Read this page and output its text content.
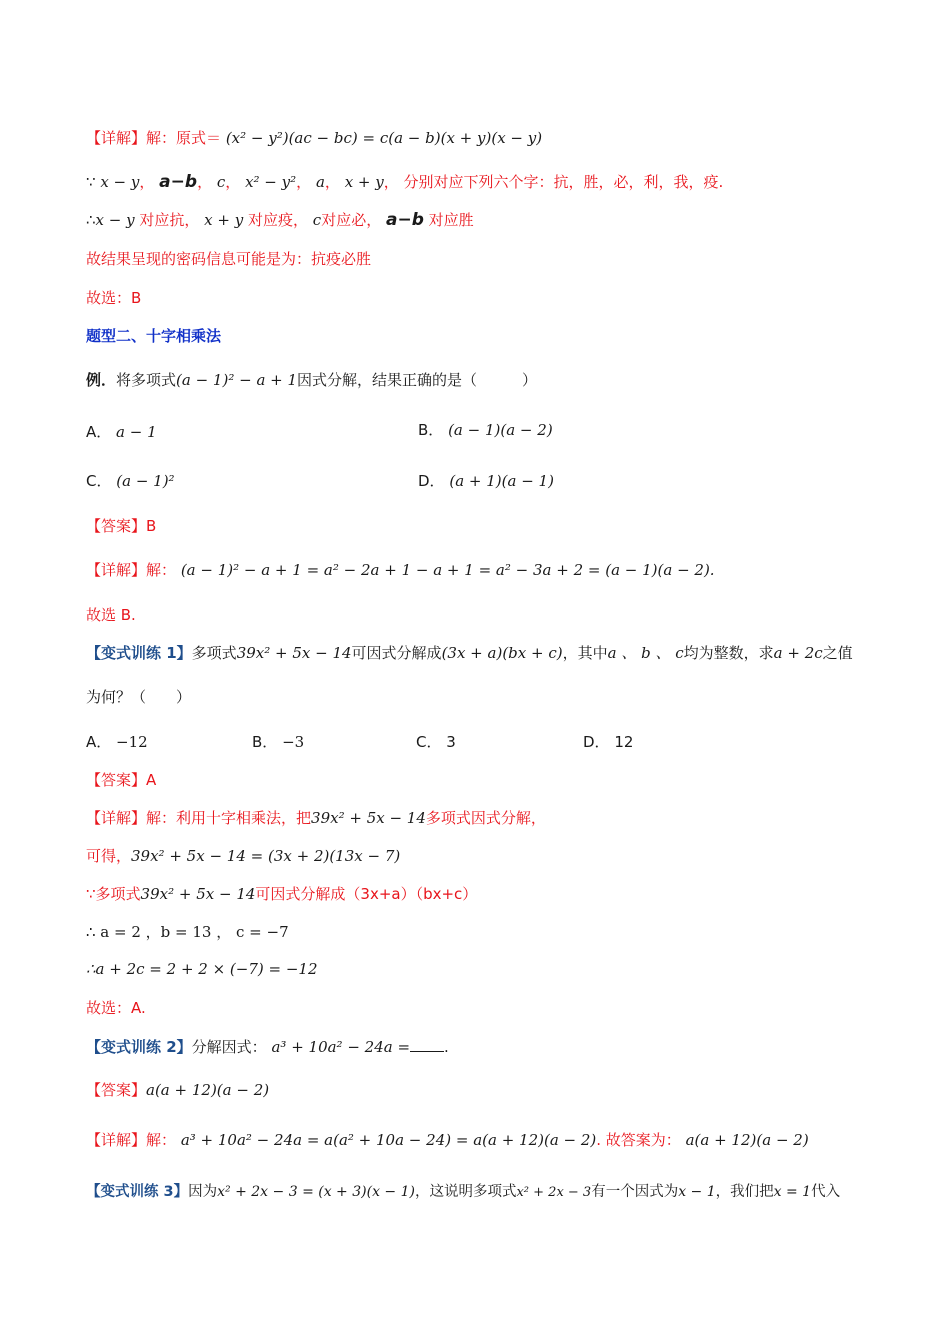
【详解】解：原式＝ (x² − y²)(ac − bc) = c(a − b)(x + y)(x − y)
∵ x − y， a−b， c， x² − y²， a， x + y， 分别对应下列六个字：抗，胜，必，利，我，疫.
∴x − y 对应抗， x + y 对应疫， c对应必， a−b 对应胜
故结果呈现的密码信息可能是为：抗疫必胜
故选：B
题型二、十字相乘法
例．将多项式(a − 1)² − a + 1因式分解，结果正确的是（　　　）
A． a − 1	B． (a − 1)(a − 2)
C． (a − 1)²	D． (a + 1)(a − 1)
【答案】B
【详解】解： (a − 1)² − a + 1 = a² − 2a + 1 − a + 1 = a² − 3a + 2 = (a − 1)(a − 2).
故选 B.
【变式训练 1】多项式39x² + 5x − 14可因式分解成(3x + a)(bx + c)，其中a 、 b 、 c均为整数，求a + 2c之值
为何？（　　）
A． −12	B． −3	C． 3	D． 12
【答案】A
【详解】解：利用十字相乘法，把39x² + 5x − 14多项式因式分解，
可得，39x² + 5x − 14 = (3x + 2)(13x − 7)
∵多项式39x² + 5x − 14可因式分解成（3x+a）（bx+c）
∴ a = 2 ，b = 13 ， c = −7
∴a + 2c = 2 + 2 × (−7) = −12
故选：A.
【变式训练 2】分解因式： a³ + 10a² − 24a = .
【答案】a(a + 12)(a − 2)
【详解】解： a³ + 10a² − 24a = a(a² + 10a − 24) = a(a + 12)(a − 2). 故答案为： a(a + 12)(a − 2)
【变式训练 3】因为x² + 2x − 3 = (x + 3)(x − 1)，这说明多项式x² + 2x − 3有一个因式为x − 1，我们把x = 1代入
